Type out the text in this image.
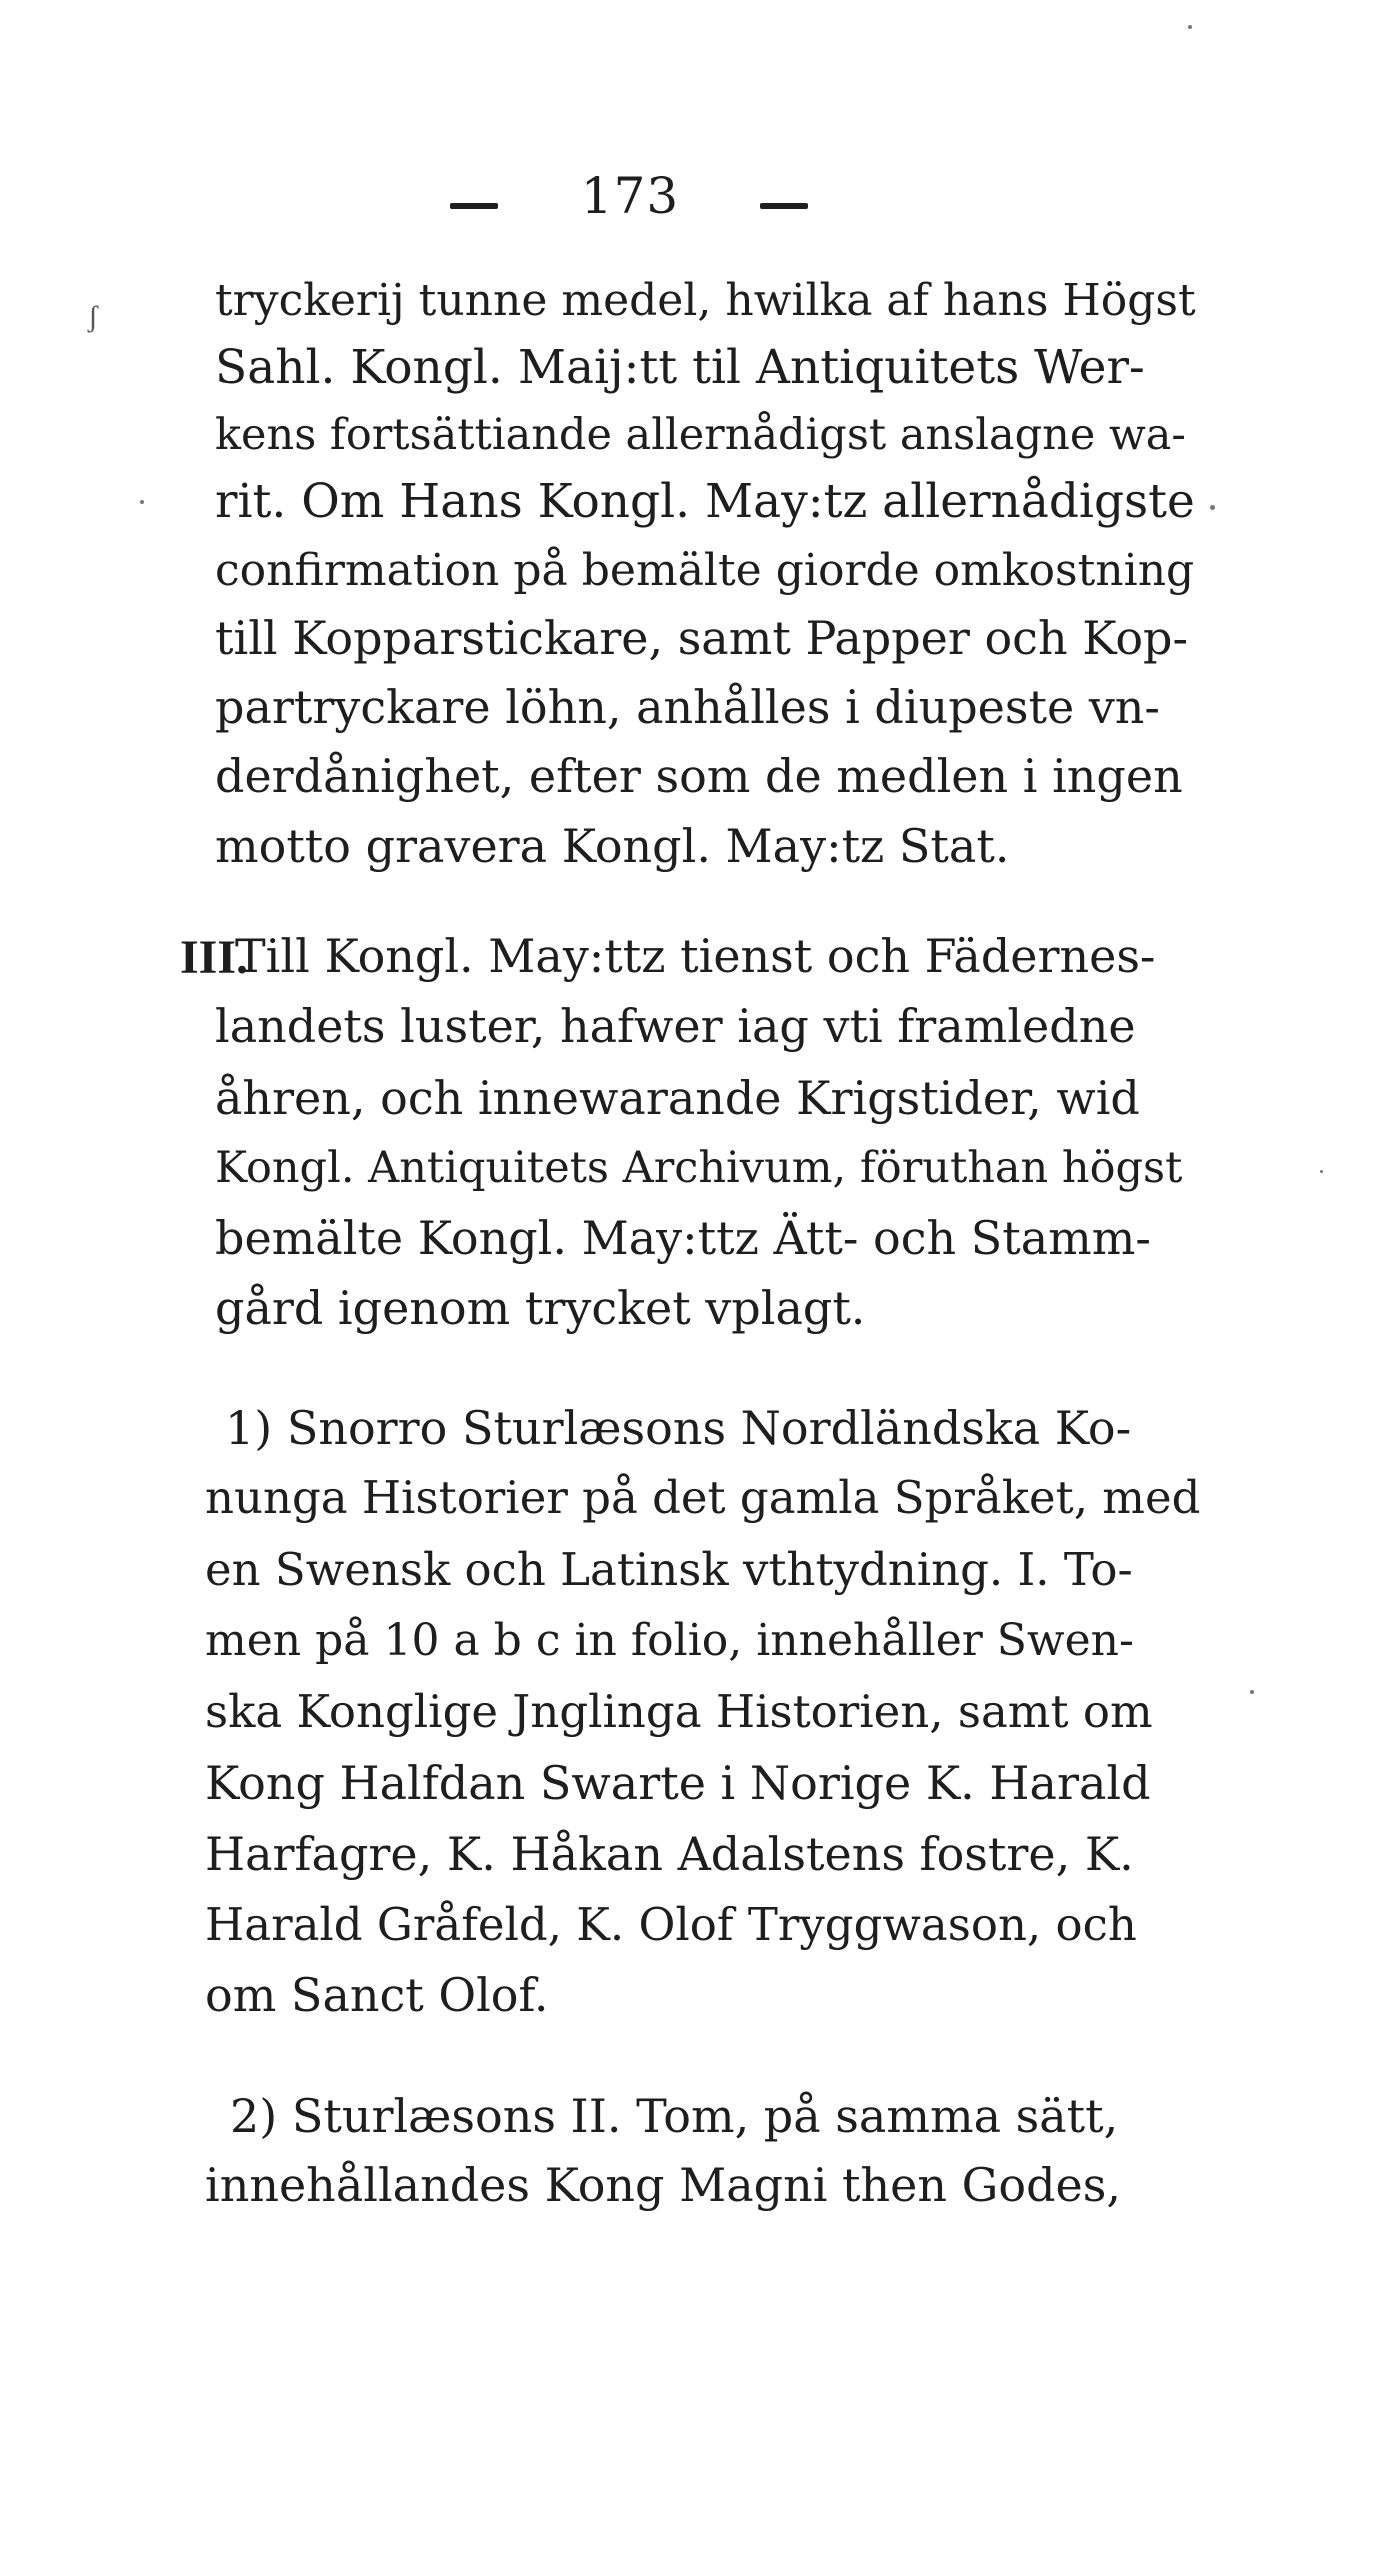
173
ʃ
III.
tryckerij tunne medel, hwilka af hans Högst
Sahl. Kongl. Maij:tt til Antiquitets Wer-
kens fortsättiande allernådigst anslagne wa-
rit. Om Hans Kongl. May:tz allernådigste
confirmation på bemälte giorde omkostning
till Kopparstickare, samt Papper och Kop-
partryckare löhn, anhålles i diupeste vn-
derdånighet, efter som de medlen i ingen
motto gravera Kongl. May:tz Stat.
Till Kongl. May:ttz tienst och Fädernes-
landets luster, hafwer iag vti framledne
åhren, och innewarande Krigstider, wid
Kongl. Antiquitets Archivum, föruthan högst
bemälte Kongl. May:ttz Ätt- och Stamm-
gård igenom trycket vplagt.
1) Snorro Sturlæsons Nordländska Ko-
nunga Historier på det gamla Språket, med
en Swensk och Latinsk vthtydning. I. To-
men på 10 a b c in folio, innehåller Swen-
ska Konglige Jnglinga Historien, samt om
Kong Halfdan Swarte i Norige K. Harald
Harfagre, K. Håkan Adalstens fostre, K.
Harald Gråfeld, K. Olof Tryggwason, och
om Sanct Olof.
2) Sturlæsons II. Tom, på samma sätt,
innehållandes Kong Magni then Godes,
